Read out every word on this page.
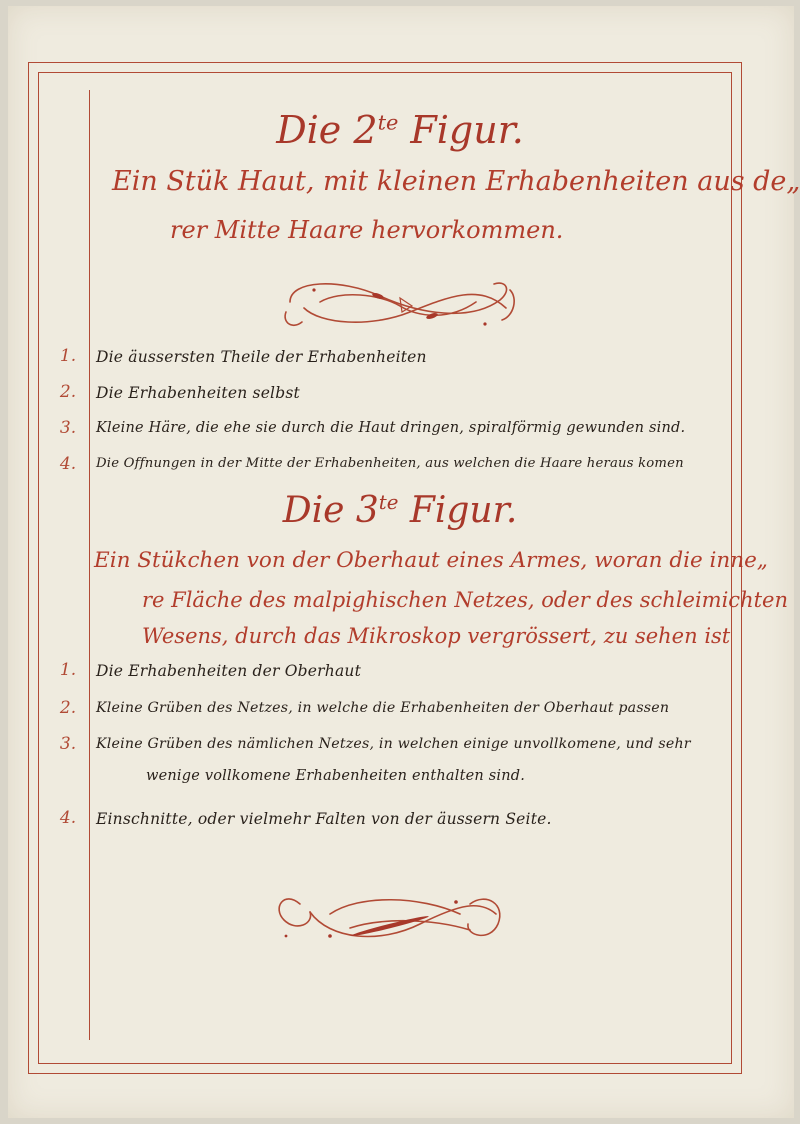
Die $2^{te}$ Figur.
Ein Stük Haut, mit kleinen Erhabenheiten aus de„
rer Mitte Haare hervorkommen.
1.	Die äussersten Theile der Erhabenheiten
2.	Die Erhabenheiten selbst
3.	Kleine Häre, die ehe sie durch die Haut dringen, spiralförmig gewunden sind.
4.	Die Offnungen in der Mitte der Erhabenheiten, aus welchen die Haare heraus komen
Die $3^{te}$ Figur.
Ein Stükchen von der Oberhaut eines Armes, woran die inne„
re Fläche des malpighischen Netzes, oder des schleimichten
Wesens, durch das Mikroskop vergrössert, zu sehen ist
1.	Die Erhabenheiten der Oberhaut
2.	Kleine Grüben des Netzes, in welche die Erhabenheiten der Oberhaut passen
3.	Kleine Grüben des nämlichen Netzes, in welchen einige unvollkomene, und sehr
wenige vollkomene Erhabenheiten enthalten sind.
4.	Einschnitte, oder vielmehr Falten von der äussern Seite.
